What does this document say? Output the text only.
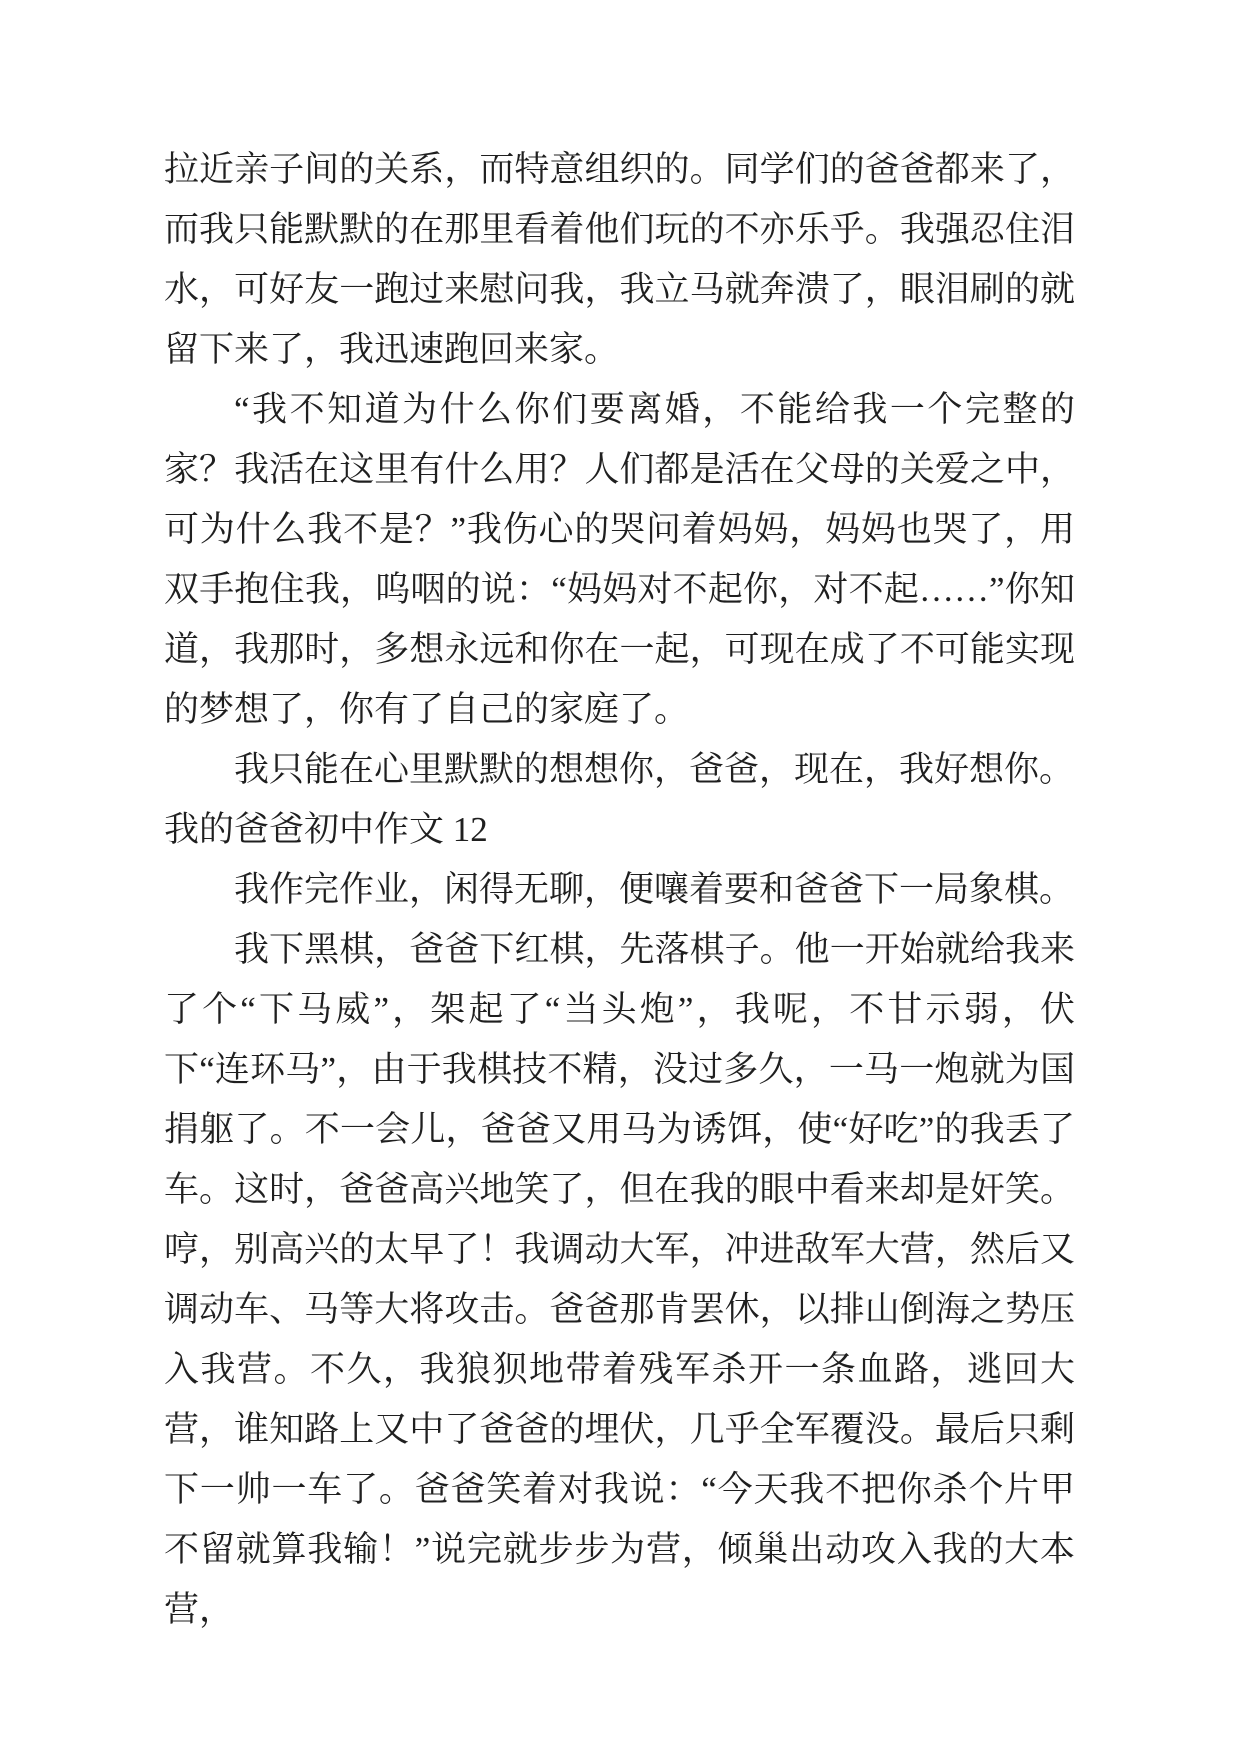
拉近亲子间的关系，而特意组织的。同学们的爸爸都来了，而我只能默默的在那里看着他们玩的不亦乐乎。我强忍住泪水，可好友一跑过来慰问我，我立马就奔溃了，眼泪刷的就留下来了，我迅速跑回来家。

“我不知道为什么你们要离婚，不能给我一个完整的家？我活在这里有什么用？人们都是活在父母的关爱之中，可为什么我不是？”我伤心的哭问着妈妈，妈妈也哭了，用双手抱住我，呜咽的说：“妈妈对不起你，对不起……”你知道，我那时，多想永远和你在一起，可现在成了不可能实现的梦想了，你有了自己的家庭了。

我只能在心里默默的想想你，爸爸，现在，我好想你。

我的爸爸初中作文 12

我作完作业，闲得无聊，便嚷着要和爸爸下一局象棋。

我下黑棋，爸爸下红棋，先落棋子。他一开始就给我来了个“下马威”，架起了“当头炮”，我呢，不甘示弱，伏下“连环马”，由于我棋技不精，没过多久，一马一炮就为国捐躯了。不一会儿，爸爸又用马为诱饵，使“好吃”的我丢了车。这时，爸爸高兴地笑了，但在我的眼中看来却是奸笑。哼，别高兴的太早了！我调动大军，冲进敌军大营，然后又调动车、马等大将攻击。爸爸那肯罢休，以排山倒海之势压入我营。不久，我狼狈地带着残军杀开一条血路，逃回大营，谁知路上又中了爸爸的埋伏，几乎全军覆没。最后只剩下一帅一车了。爸爸笑着对我说：“今天我不把你杀个片甲不留就算我输！”说完就步步为营，倾巢出动攻入我的大本营，
